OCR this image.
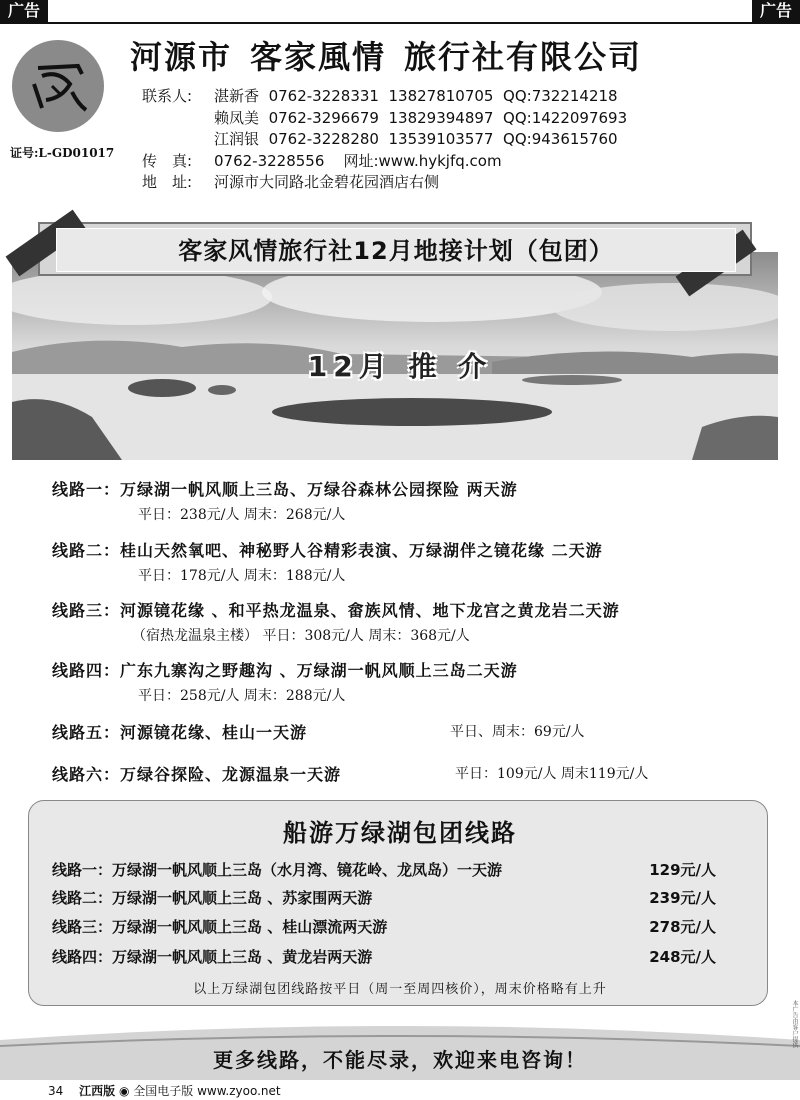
广告	广告
证号:L-GD01017
河源市 客家風情 旅行社有限公司
联系人: 湛新香 0762-3228331 13827810705 QQ:732214218
赖凤美 0762-3296679 13829394897 QQ:1422097693
江润银 0762-3228280 13539103577 QQ:943615760
传　真: 0762-3228556 网址:www.hykjfq.com
地　址: 河源市大同路北金碧花园酒店右侧
客家风情旅行社12月地接计划（包团）
12月 推 介
线路一：万绿湖一帆风顺上三岛、万绿谷森林公园探险 两天游
平日：238元/人 周末：268元/人
线路二：桂山天然氧吧、神秘野人谷精彩表演、万绿湖伴之镜花缘 二天游
平日：178元/人 周末：188元/人
线路三：河源镜花缘 、和平热龙温泉、畲族风情、地下龙宫之黄龙岩二天游
（宿热龙温泉主楼） 平日：308元/人 周末：368元/人
线路四：广东九寨沟之野趣沟 、万绿湖一帆风顺上三岛二天游
平日：258元/人 周末：288元/人
线路五：河源镜花缘、桂山一天游	平日、周末：69元/人
线路六：万绿谷探险、龙源温泉一天游	平日：109元/人 周末119元/人
船游万绿湖包团线路
线路一：万绿湖一帆风顺上三岛（水月湾、镜花岭、龙凤岛）一天游	129元/人
线路二：万绿湖一帆风顺上三岛 、苏家围两天游	239元/人
线路三：万绿湖一帆风顺上三岛 、桂山漂流两天游	278元/人
线路四：万绿湖一帆风顺上三岛 、黄龙岩两天游	248元/人
以上万绿湖包团线路按平日（周一至周四核价），周末价格略有上升
更多线路，不能尽录，欢迎来电咨询！
34 江西版 ◉ 全国电子版 www.zyoo.net
本广告由客户提供
